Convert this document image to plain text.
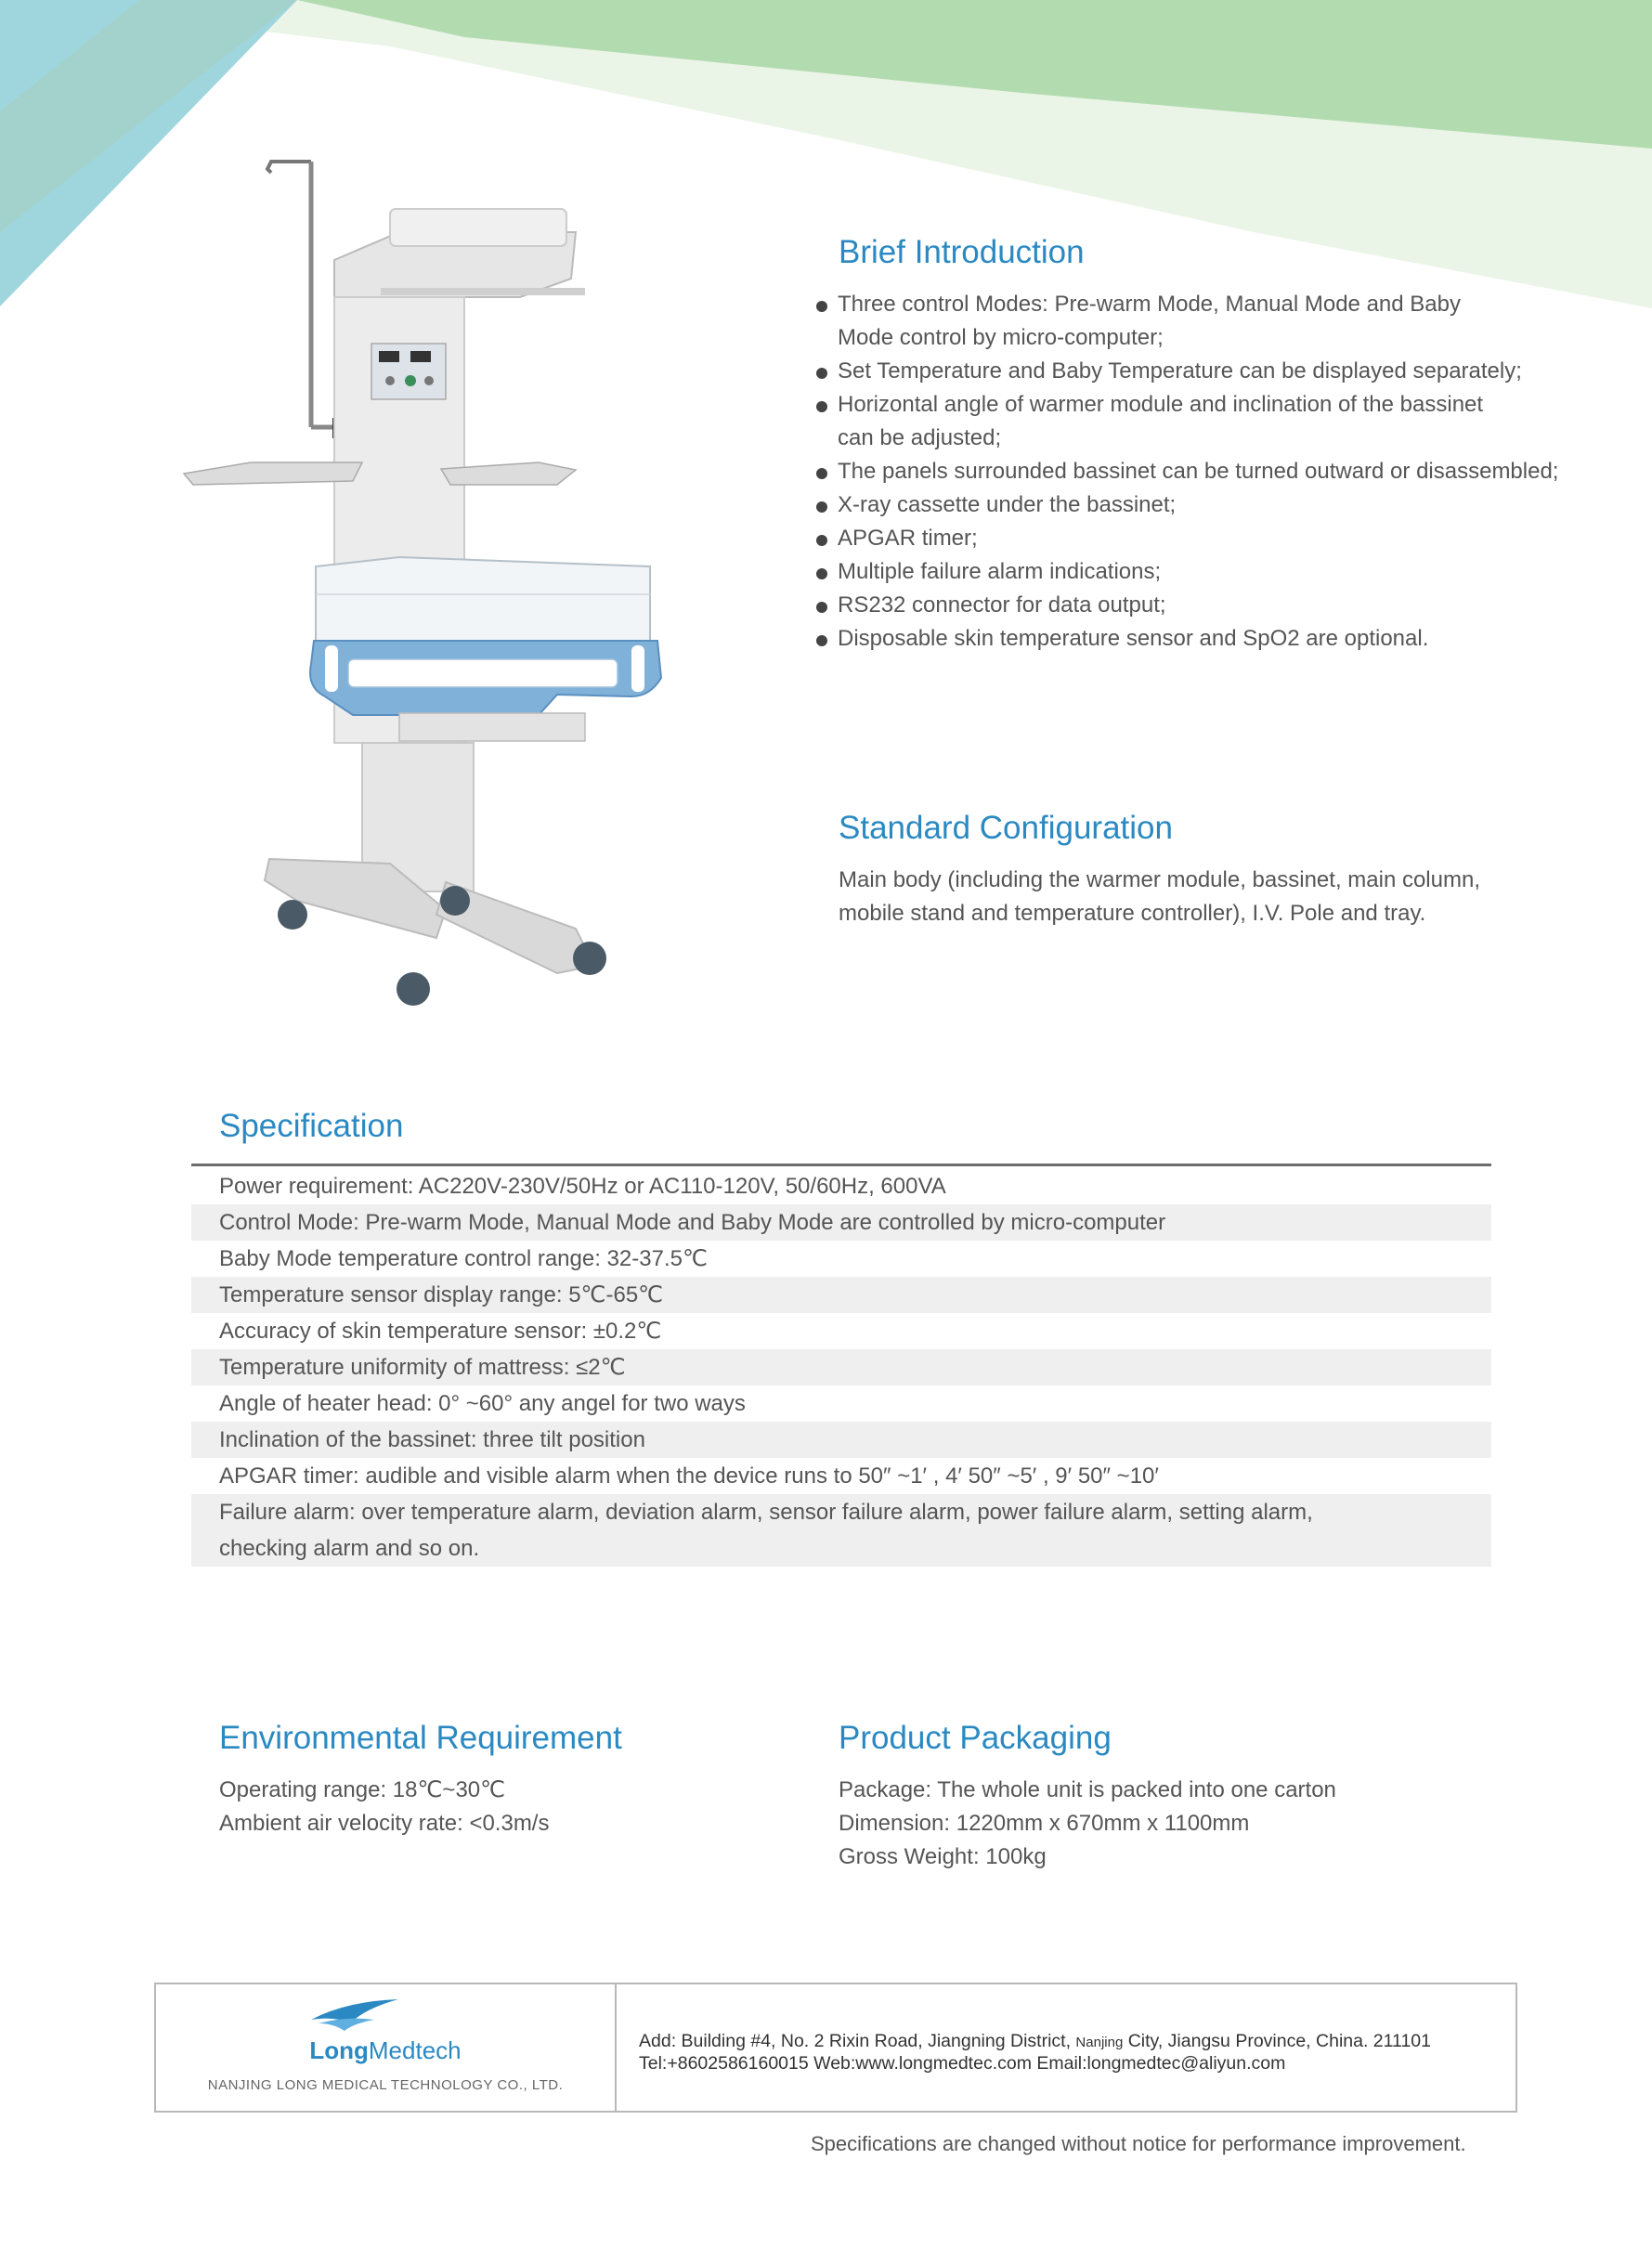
Brief Introduction
Three control Modes: Pre-warm Mode, Manual Mode and Baby
Mode control by micro-computer;
Set Temperature and Baby Temperature can be displayed separately;
Horizontal angle of warmer module and inclination of the bassinet
can be adjusted;
The panels surrounded bassinet can be turned outward or disassembled;
X-ray cassette under the bassinet;
APGAR timer;
Multiple failure alarm indications;
RS232 connector for data output;
Disposable skin temperature sensor and SpO2 are optional.
Standard Configuration

Main body (including the warmer module, bassinet, main column,
mobile stand and temperature controller), I.V. Pole and tray.

Specification
Power requirement: AC220V-230V/50Hz or AC110-120V, 50/60Hz, 600VA
Control Mode: Pre-warm Mode, Manual Mode and Baby Mode are controlled by micro-computer
Baby Mode temperature control range: 32-37.5℃
Temperature sensor display range: 5℃-65℃
Accuracy of skin temperature sensor: ±0.2℃
Temperature uniformity of mattress: ≤2℃
Angle of heater head: 0° ~60° any angel for two ways
Inclination of the bassinet: three tilt position
APGAR timer: audible and visible alarm when the device runs to 50″ ~1′ , 4′ 50″ ~5′ , 9′ 50″ ~10′
Failure alarm: over temperature alarm, deviation alarm, sensor failure alarm, power failure alarm, setting alarm,
checking alarm and so on.
Environmental Requirement

Operating range: 18℃~30℃
Ambient air velocity rate: <0.3m/s

Product Packaging

Package: The whole unit is packed into one carton
Dimension: 1220mm x 670mm x 1100mm
Gross Weight: 100kg

LongMedtech
NANJING LONG MEDICAL TECHNOLOGY CO., LTD.
Add: Building #4, No. 2 Rixin Road, Jiangning District, Nanjing City, Jiangsu Province, China. 211101
Tel:+8602586160015 Web:www.longmedtec.com Email:longmedtec@aliyun.com
Specifications are changed without notice for performance improvement.
